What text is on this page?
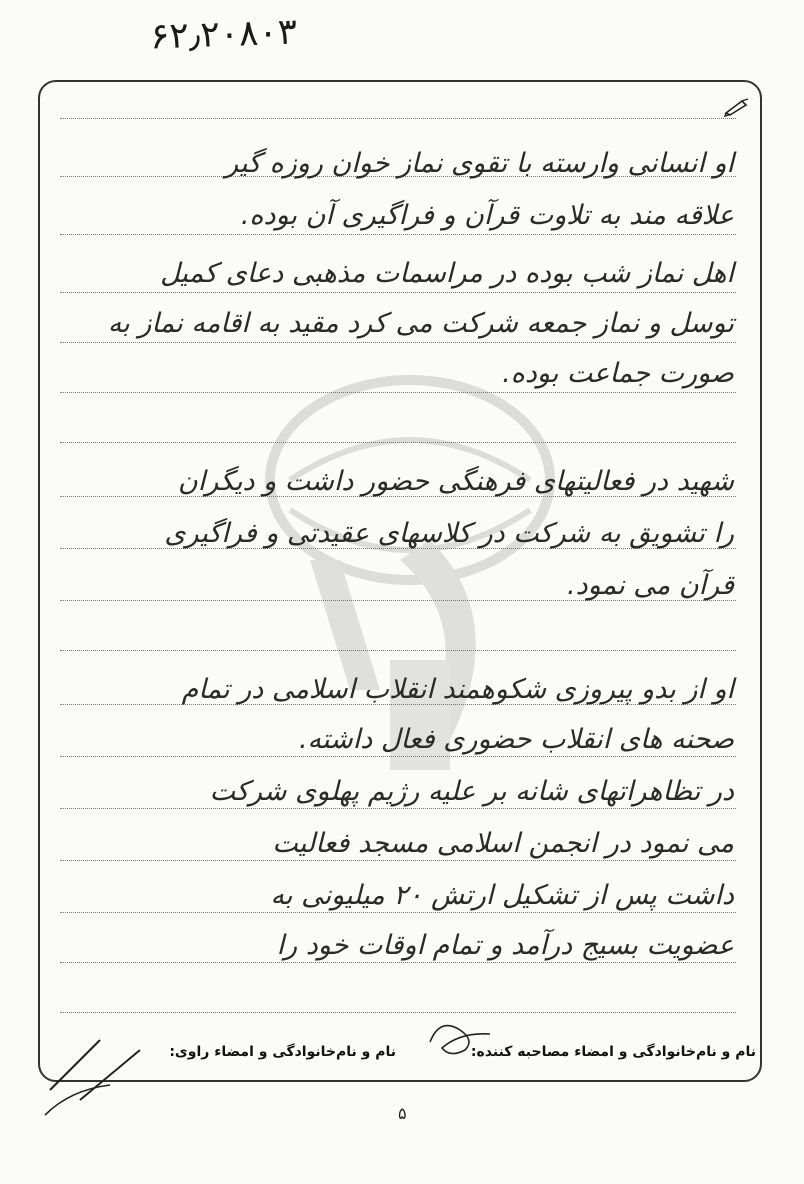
۶۲٫۲۰۸۰۳
او انسانی وارسته با تقوی نماز خوان روزه گیر
علاقه مند به تلاوت قرآن و فراگیری آن بوده.
اهل نماز شب بوده در مراسمات مذهبی دعای کمیل
توسل و نماز جمعه شرکت می کرد مقید به اقامه نماز به
صورت جماعت بوده.
شهید در فعالیتهای فرهنگی حضور داشت و دیگران
را تشویق به شرکت در کلاسهای عقیدتی و فراگیری
قرآن می نمود.
او از بدو پیروزی شکوهمند انقلاب اسلامی در تمام
صحنه های انقلاب حضوری فعال داشته.
در تظاهراتهای شانه بر علیه رژیم پهلوی شرکت
می نمود در انجمن اسلامی مسجد فعالیت
داشت پس از تشکیل ارتش ۲۰ میلیونی به
عضویت بسیج درآمد و تمام اوقات خود را
نام و نام‌خانوادگی و امضاء مصاحبه کننده:
نام و نام‌خانوادگی و امضاء راوی:
۵
